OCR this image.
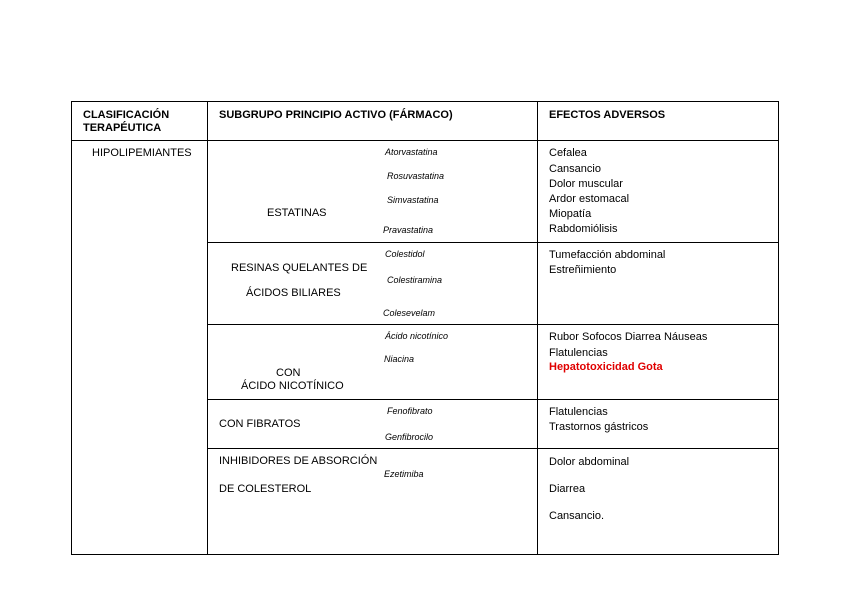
CLASIFICACIÓN
TERAPÉUTICA
SUBGRUPO PRINCIPIO ACTIVO (FÁRMACO)	EFECTOS ADVERSOS
HIPOLIPEMIANTES
ESTATINAS
Atorvastatina
Rosuvastatina
Simvastatina
Pravastatina
Cefalea
Cansancio
Dolor muscular
Ardor estomacal
Miopatía
Rabdomiólisis
RESINAS QUELANTES DE
ÁCIDOS BILIARES
Colestidol
Colestiramina
Colesevelam
Tumefacción abdominal
Estreñimiento
CON
ÁCIDO NICOTÍNICO
Ácido nicotínico
Niacina
Rubor Sofocos Diarrea Náuseas
Flatulencias
Hepatotoxicidad Gota
CON FIBRATOS
Fenofibrato
Genfibrocilo
Flatulencias
Trastornos gástricos
INHIBIDORES DE ABSORCIÓN
DE COLESTEROL
Ezetimiba
Dolor abdominal
Diarrea
Cansancio.
